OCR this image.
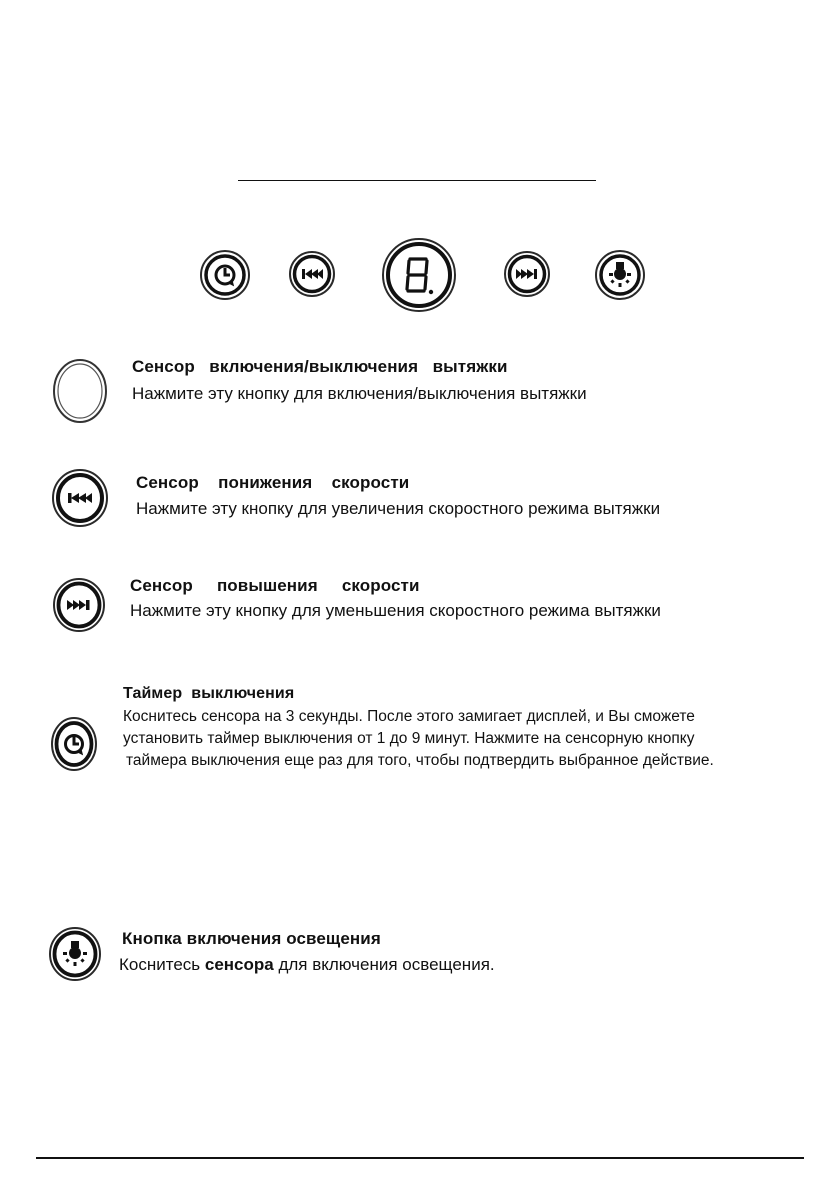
Сенсор   включения/выключения   вытяжки
Нажмите эту кнопку для включения/выключения вытяжки
Сенсор    понижения    скорости
Нажмите эту кнопку для увеличения скоростного режима вытяжки
Сенсор     повышения     скорости
Нажмите эту кнопку для уменьшения скоростного режима вытяжки
Таймер  выключения
Коснитесь сенсора на 3 секунды. После этого замигает дисплей, и Вы сможете
установить таймер выключения от 1 до 9 минут. Нажмите на сенсорную кнопку
таймера выключения еще раз для того, чтобы подтвердить выбранное действие.
Кнопка включения освещения
Коснитесь сенсора для включения освещения.
